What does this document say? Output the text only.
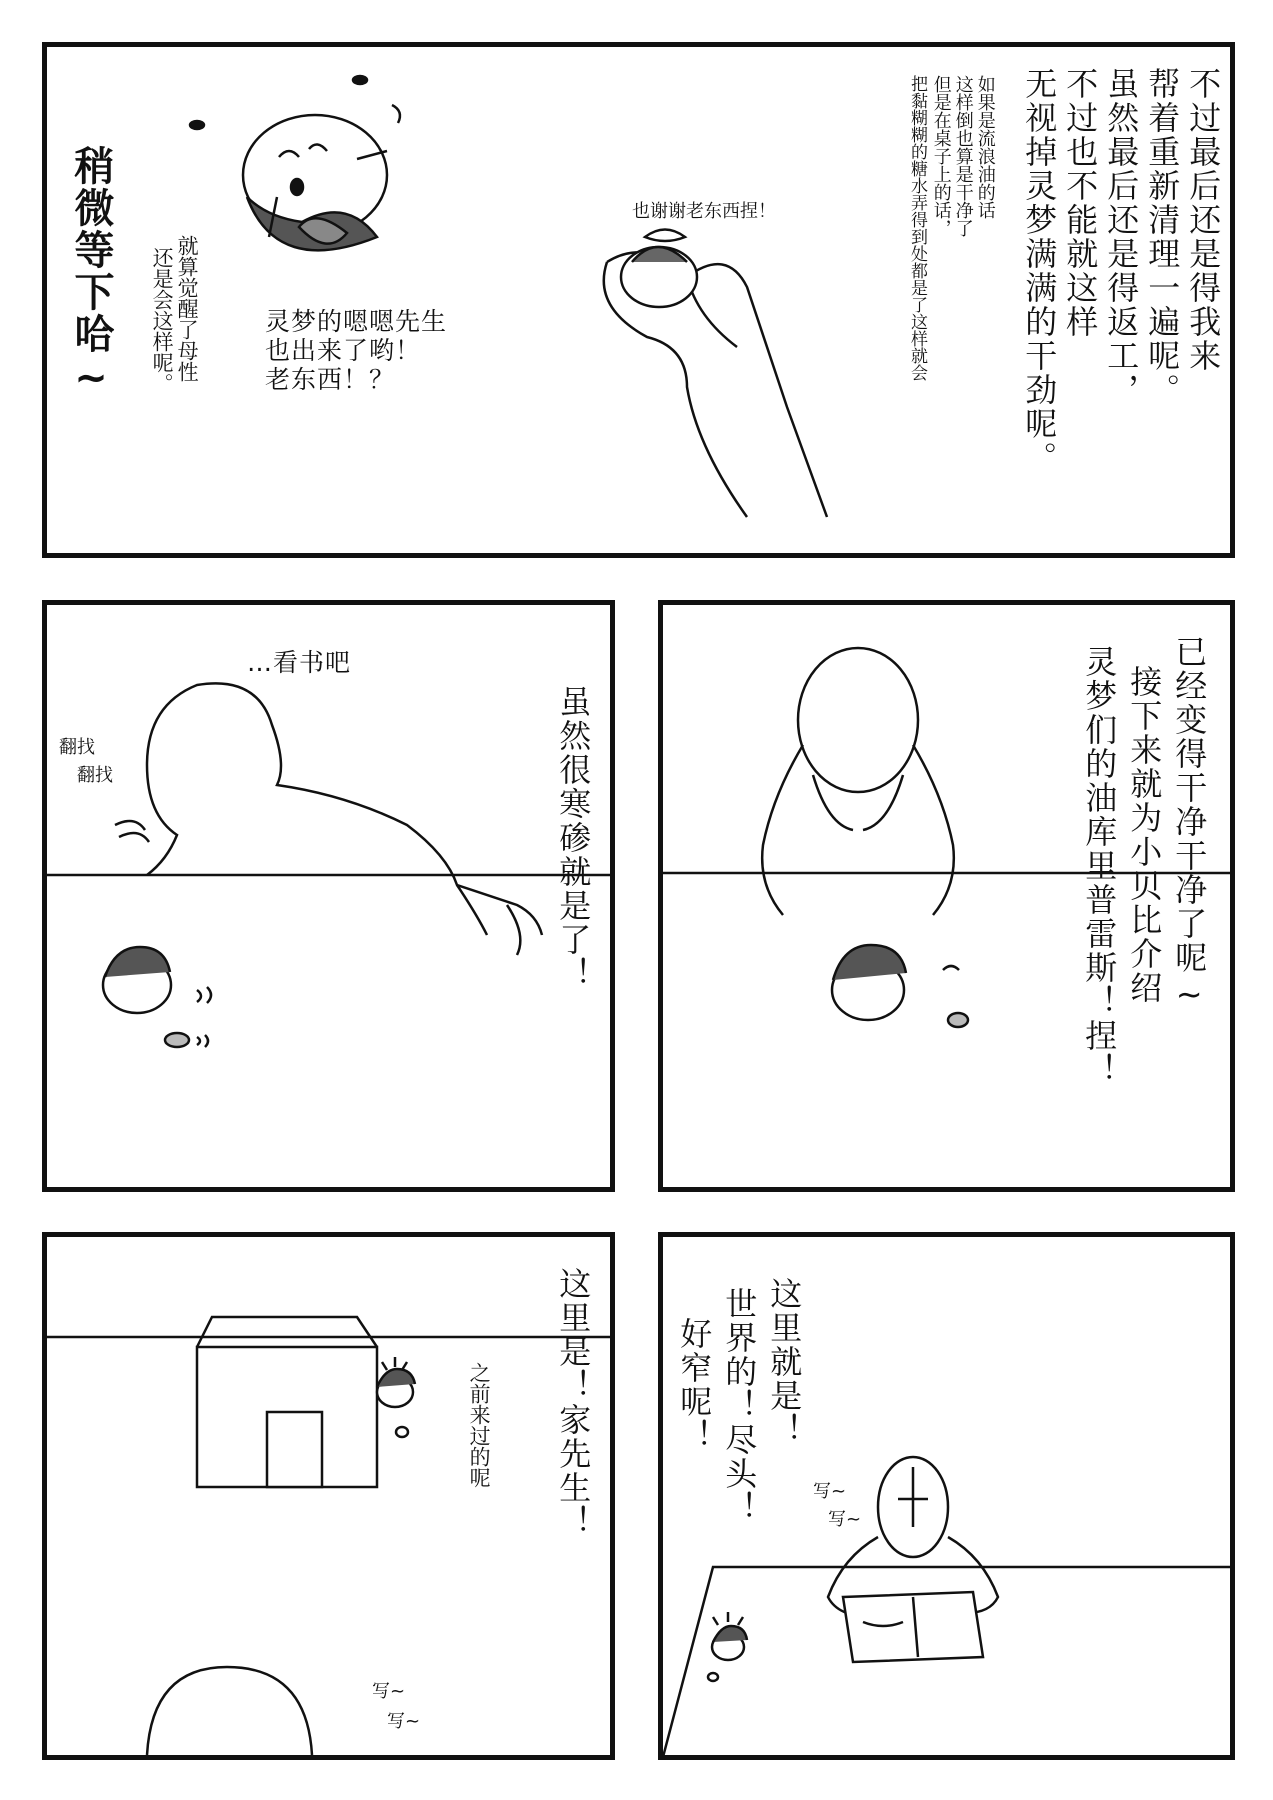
稍微等下哈~	就算觉醒了母性
还是会这样呢。	灵梦的嗯嗯先生
也出来了哟！
老东西！？
也谢谢老东西捏！	如果是流浪油的话
这样倒也算是干净了
但是在桌子上的话，
把黏糊糊的糖水弄得到处都是了这样就会	不过最后还是得我来
帮着重新清理一遍呢。
虽然最后还是得返工，
不过也不能就这样
无视掉灵梦满满的干劲呢。
…看书吧
翻找
翻找	虽然很寒碜就是了！	已经变得干净干净了呢~
接下来就为小贝比介绍
灵梦们的油库里普雷斯！捏！
这里是！家先生！
之前来过的呢
写~
写~
这里就是！
世界的！尽头！
好窄呢！
写~
写~
